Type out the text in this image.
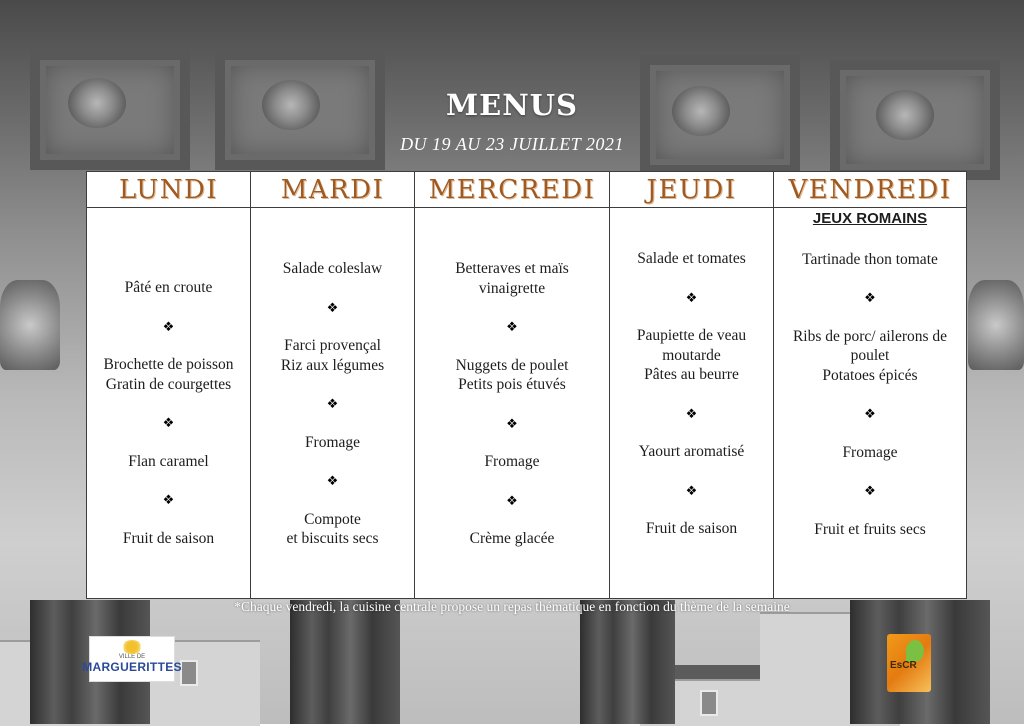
MENUS
DU 19 AU 23 JUILLET 2021
LUNDI
Pâté en croute
❖
Brochette de poisson
Gratin de courgettes
❖
Flan caramel
❖
Fruit de saison
MARDI
Salade coleslaw
❖
Farci provençal
Riz aux légumes
❖
Fromage
❖
Compote
et biscuits secs
MERCREDI
Betteraves et maïs
vinaigrette
❖
Nuggets de poulet
Petits pois étuvés
❖
Fromage
❖
Crème glacée
JEUDI
Salade et tomates
❖
Paupiette de veau
moutarde
Pâtes au beurre
❖
Yaourt aromatisé
❖
Fruit de saison
VENDREDI
JEUX ROMAINS
Tartinade thon tomate
❖
Ribs de porc/ ailerons de
poulet
Potatoes épicés
❖
Fromage
❖
Fruit et fruits secs
*Chaque vendredi, la cuisine centrale propose un repas thématique en fonction du thème de la semaine
VILLE DE
MARGUERITTES	EsCR
